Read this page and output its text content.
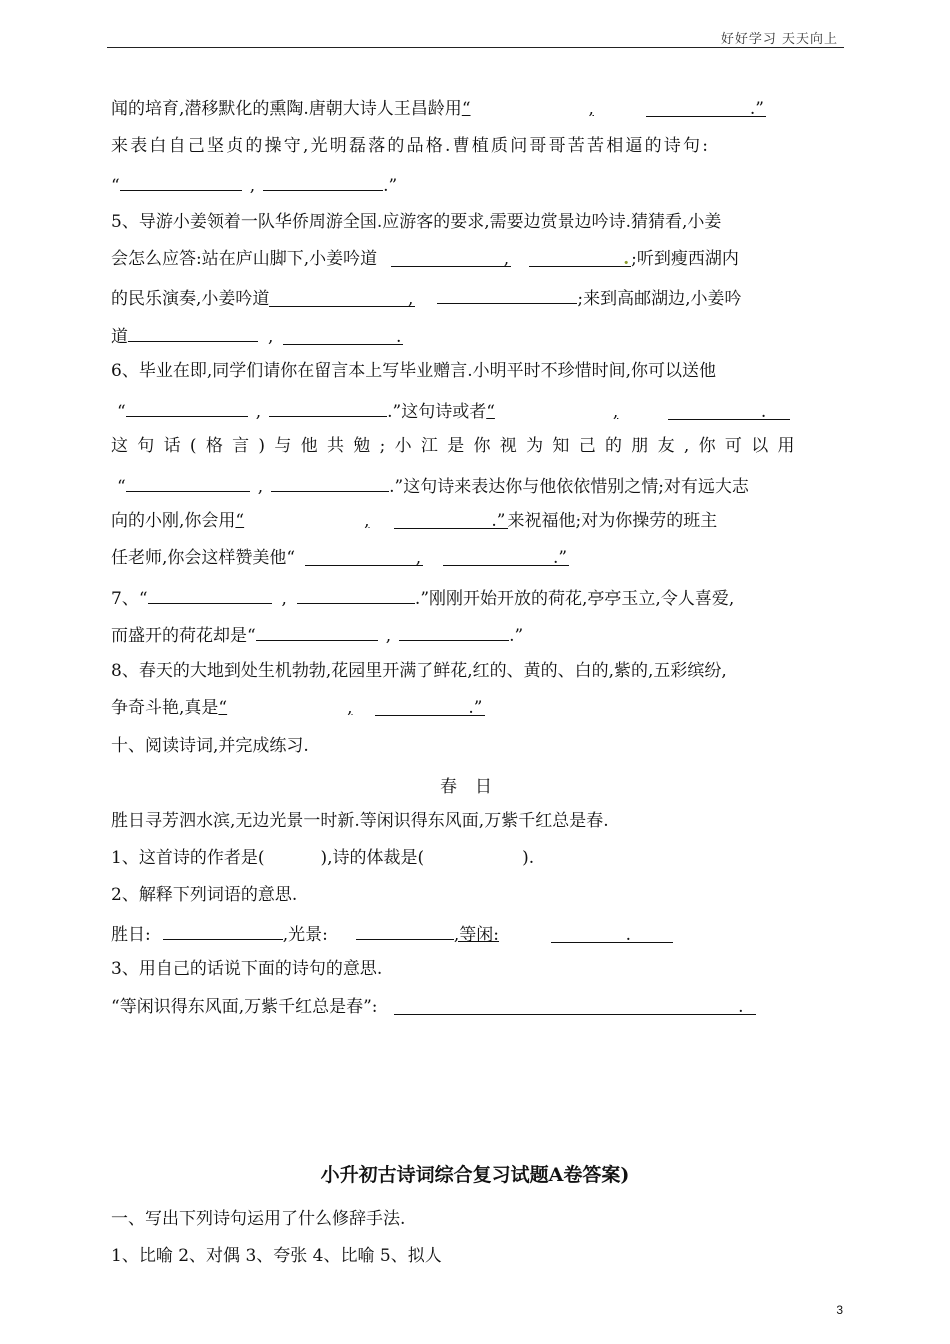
好好学习 天天向上
闻的培育,潜移默化的熏陶.唐朝大诗人王昌龄用“	,	.”
来表白自己坚贞的操守,光明磊落的品格.曹植质问哥哥苦苦相逼的诗句:
“	,	.”
5、导游小姜领着一队华侨周游全国.应游客的要求,需要边赏景边吟诗.猜猜看,小姜
会怎么应答:站在庐山脚下,小姜吟道	,	. ;听到瘦西湖内
的民乐演奏,小姜吟道	,	;来到高邮湖边,小姜吟
道	,	.
6、毕业在即,同学们请你在留言本上写毕业赠言.小明平时不珍惜时间,你可以送他
“	,	.”这句诗或者“	,	.
这句话(格言)与他共勉;小江是你视为知己的朋友,你可以用
“	,	.”这句诗来表达你与他依依惜别之情;对有远大志
向的小刚,你会用“	,	.” 来祝福他;对为你操劳的班主
任老师,你会这样赞美他“	,	.”
7、“	,	.”刚刚开始开放的荷花,亭亭玉立,令人喜爱,
而盛开的荷花却是“	,	.”
8、春天的大地到处生机勃勃,花园里开满了鲜花,红的、黄的、白的,紫的,五彩缤纷,
争奇斗艳,真是“	,	.”
十、阅读诗词,并完成练习.
春日
胜日寻芳泗水滨,无边光景一时新.等闲识得东风面,万紫千红总是春.
1、这首诗的作者是(	),诗的体裁是(	).
2、解释下列词语的意思.
胜日:	,光景:	,等闲:	.
3、用自己的话说下面的诗句的意思.
“等闲识得东风面,万紫千红总是春”:	.
小升初古诗词综合复习试题A卷答案)
一、写出下列诗句运用了什么修辞手法.
1、比喻 2、对偶 3、夸张 4、比喻 5、拟人
3
